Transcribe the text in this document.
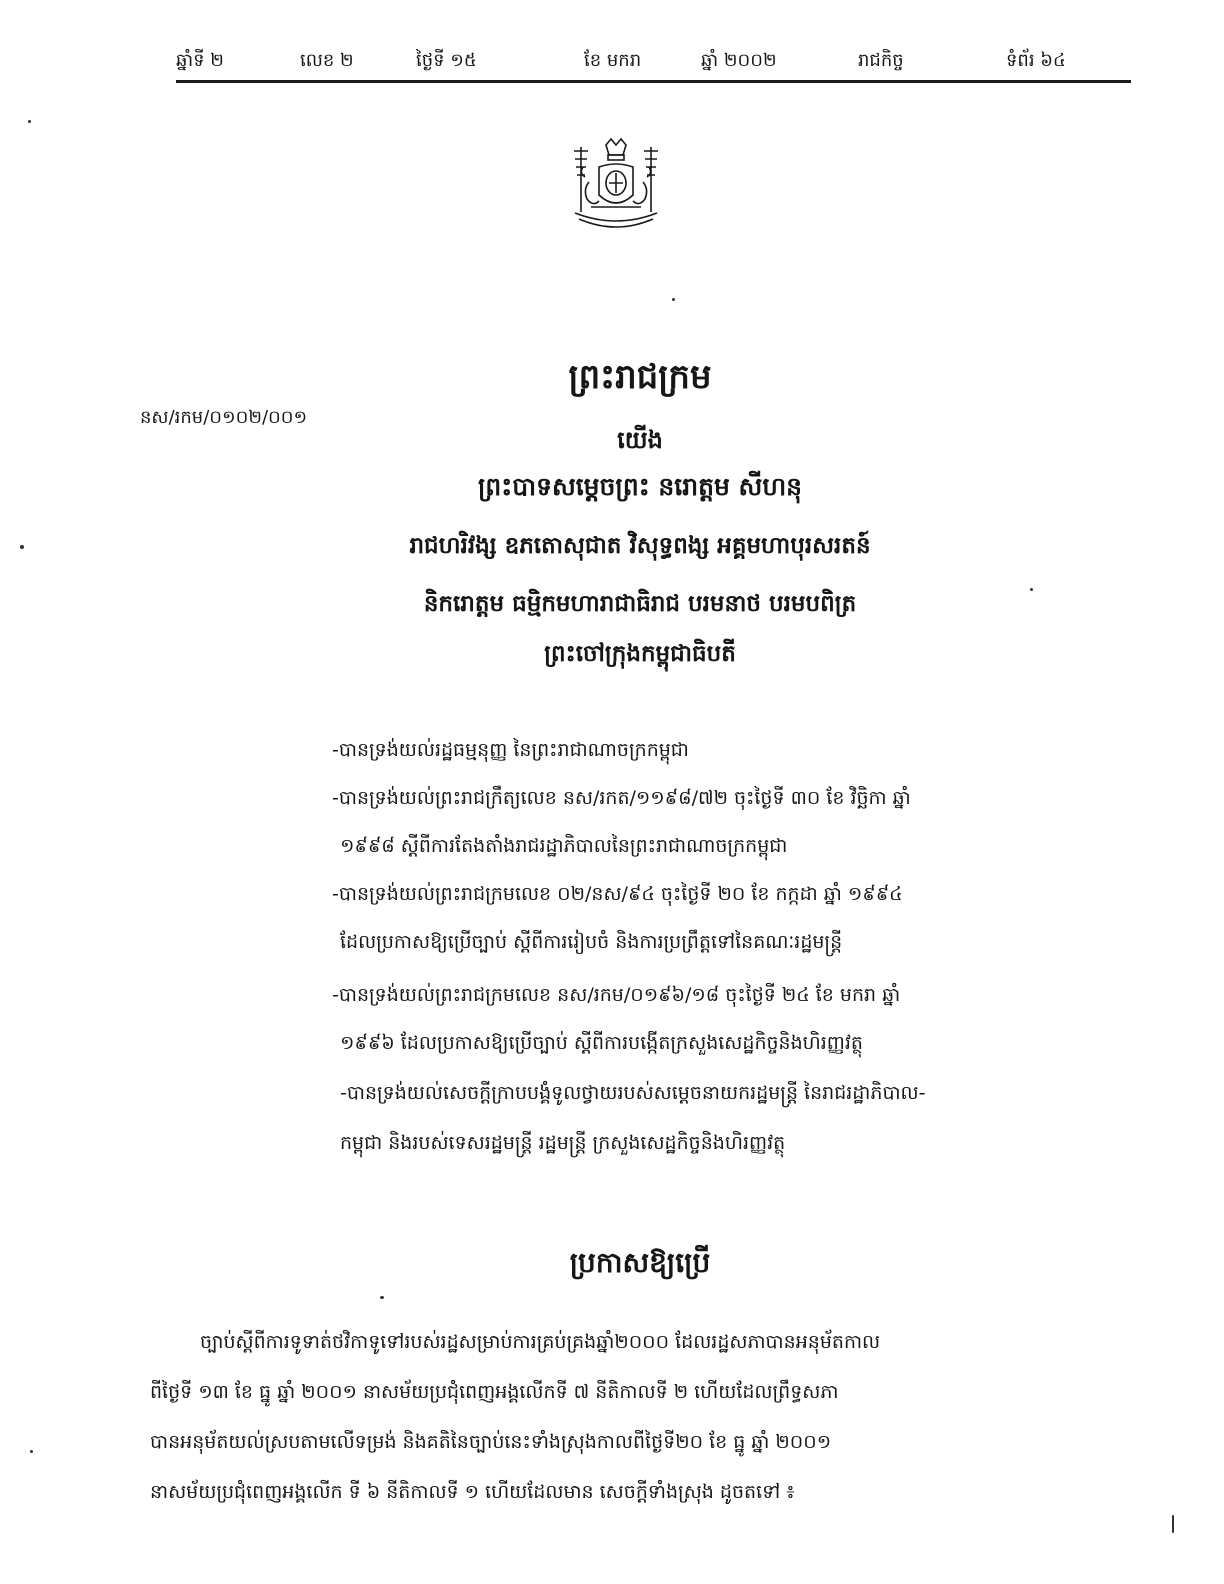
ឆ្នាំទី ២	លេខ ២	ថ្ងៃទី ១៥	ខែ មករា	ឆ្នាំ ២០០២	រាជកិច្ច	ទំព័រ ៦៤
នស/រកម/០១០២/០០១
ព្រះរាជក្រម
យើង
ព្រះបាទសម្តេចព្រះ នរោត្តម សីហនុ
រាជហរិវង្ស ឧភតោសុជាត វិសុទ្ធពង្ស អគ្គមហាបុរសរតន៍
និករោត្តម ធម្មិកមហារាជាធិរាជ បរមនាថ បរមបពិត្រ
ព្រះចៅក្រុងកម្ពុជាធិបតី
-បានទ្រង់យល់រដ្ឋធម្មនុញ្ញ នៃព្រះរាជាណាចក្រកម្ពុជា
-បានទ្រង់យល់ព្រះរាជក្រឹត្យលេខ នស/រកត/១១៩៨/៧២ ចុះថ្ងៃទី ៣០ ខែ វិច្ឆិកា ឆ្នាំ
១៩៩៨ ស្តីពីការតែងតាំងរាជរដ្ឋាភិបាលនៃព្រះរាជាណាចក្រកម្ពុជា
-បានទ្រង់យល់ព្រះរាជក្រមលេខ ០២/នស/៩៤ ចុះថ្ងៃទី ២០ ខែ កក្កដា ឆ្នាំ ១៩៩៤
ដែលប្រកាសឱ្យប្រើច្បាប់ ស្តីពីការរៀបចំ និងការប្រព្រឹត្តទៅនៃគណៈរដ្ឋមន្ត្រី
-បានទ្រង់យល់ព្រះរាជក្រមលេខ នស/រកម/០១៩៦/១៨ ចុះថ្ងៃទី ២៤ ខែ មករា ឆ្នាំ
១៩៩៦ ដែលប្រកាសឱ្យប្រើច្បាប់ ស្តីពីការបង្កើតក្រសួងសេដ្ឋកិច្ចនិងហិរញ្ញវត្ថុ
-បានទ្រង់យល់សេចក្តីក្រាបបង្គំទូលថ្វាយរបស់សម្តេចនាយករដ្ឋមន្ត្រី នៃរាជរដ្ឋាភិបាល-
កម្ពុជា និងរបស់ទេសរដ្ឋមន្ត្រី រដ្ឋមន្ត្រី ក្រសួងសេដ្ឋកិច្ចនិងហិរញ្ញវត្ថុ
ប្រកាសឱ្យប្រើ
ច្បាប់ស្តីពីការទូទាត់ថវិកាទូទៅរបស់រដ្ឋសម្រាប់ការគ្រប់គ្រងឆ្នាំ២០០០ ដែលរដ្ឋសភាបានអនុម័តកាល
ពីថ្ងៃទី ១៣ ខែ ធ្នូ ឆ្នាំ ២០០១ នាសម័យប្រជុំពេញអង្គលើកទី ៧ នីតិកាលទី ២ ហើយដែលព្រឹទ្ធសភា
បានអនុម័តយល់ស្របតាមលើទម្រង់ និងគតិនៃច្បាប់នេះទាំងស្រុងកាលពីថ្ងៃទី២០ ខែ ធ្នូ ឆ្នាំ ២០០១
នាសម័យប្រជុំពេញអង្គលើក ទី ៦ នីតិកាលទី ១ ហើយដែលមាន សេចក្តីទាំងស្រុង ដូចតទៅ ៖
